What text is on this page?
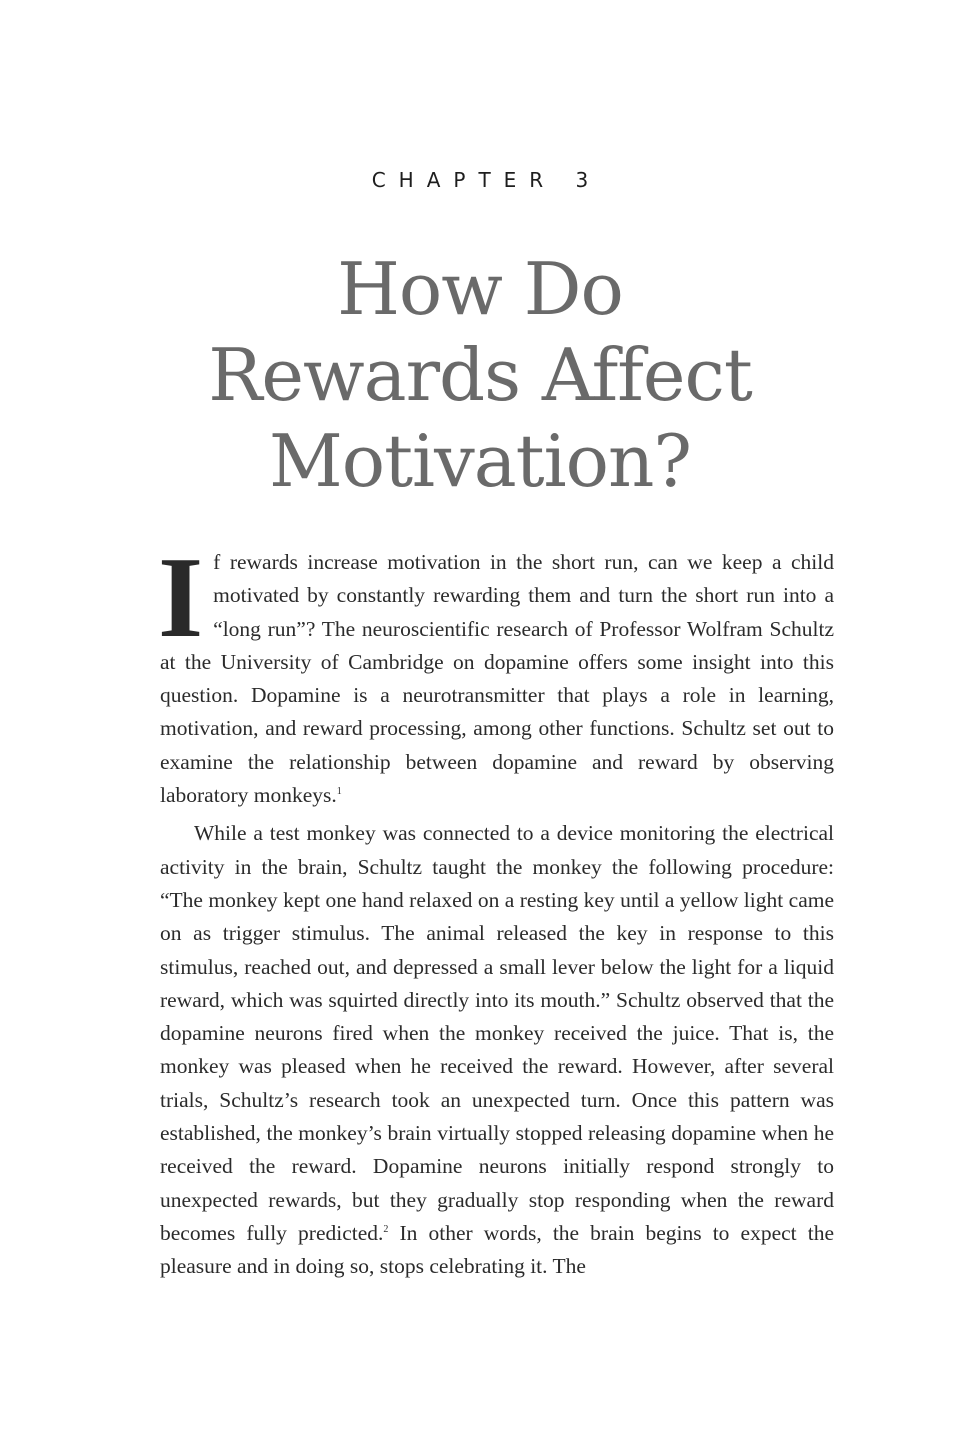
CHAPTER 3
How Do
Rewards Affect
Motivation?

If rewards increase motivation in the short run, can we keep a child motivated by constantly rewarding them and turn the short run into a “long run”? The neuroscientific research of Professor Wolfram Schultz at the University of Cambridge on dopamine offers some insight into this question. Dopamine is a neurotransmitter that plays a role in learning, motivation, and reward processing, among other functions. Schultz set out to examine the relationship between dopamine and reward by observing laboratory monkeys.$^1$

While a test monkey was connected to a device monitoring the electrical activity in the brain, Schultz taught the monkey the following procedure: “The monkey kept one hand relaxed on a resting key until a yellow light came on as trigger stimulus. The animal released the key in response to this stimulus, reached out, and depressed a small lever below the light for a liquid reward, which was squirted directly into its mouth.” Schultz observed that the dopamine neurons fired when the monkey received the juice. That is, the monkey was pleased when he received the reward. However, after several trials, Schultz’s research took an unexpected turn. Once this pattern was established, the monkey’s brain virtually stopped releasing dopamine when he received the reward. Dopamine neurons initially respond strongly to unexpected rewards, but they gradually stop responding when the reward becomes fully predicted.$^2$ In other words, the brain begins to expect the pleasure and in doing so, stops celebrating it. The
